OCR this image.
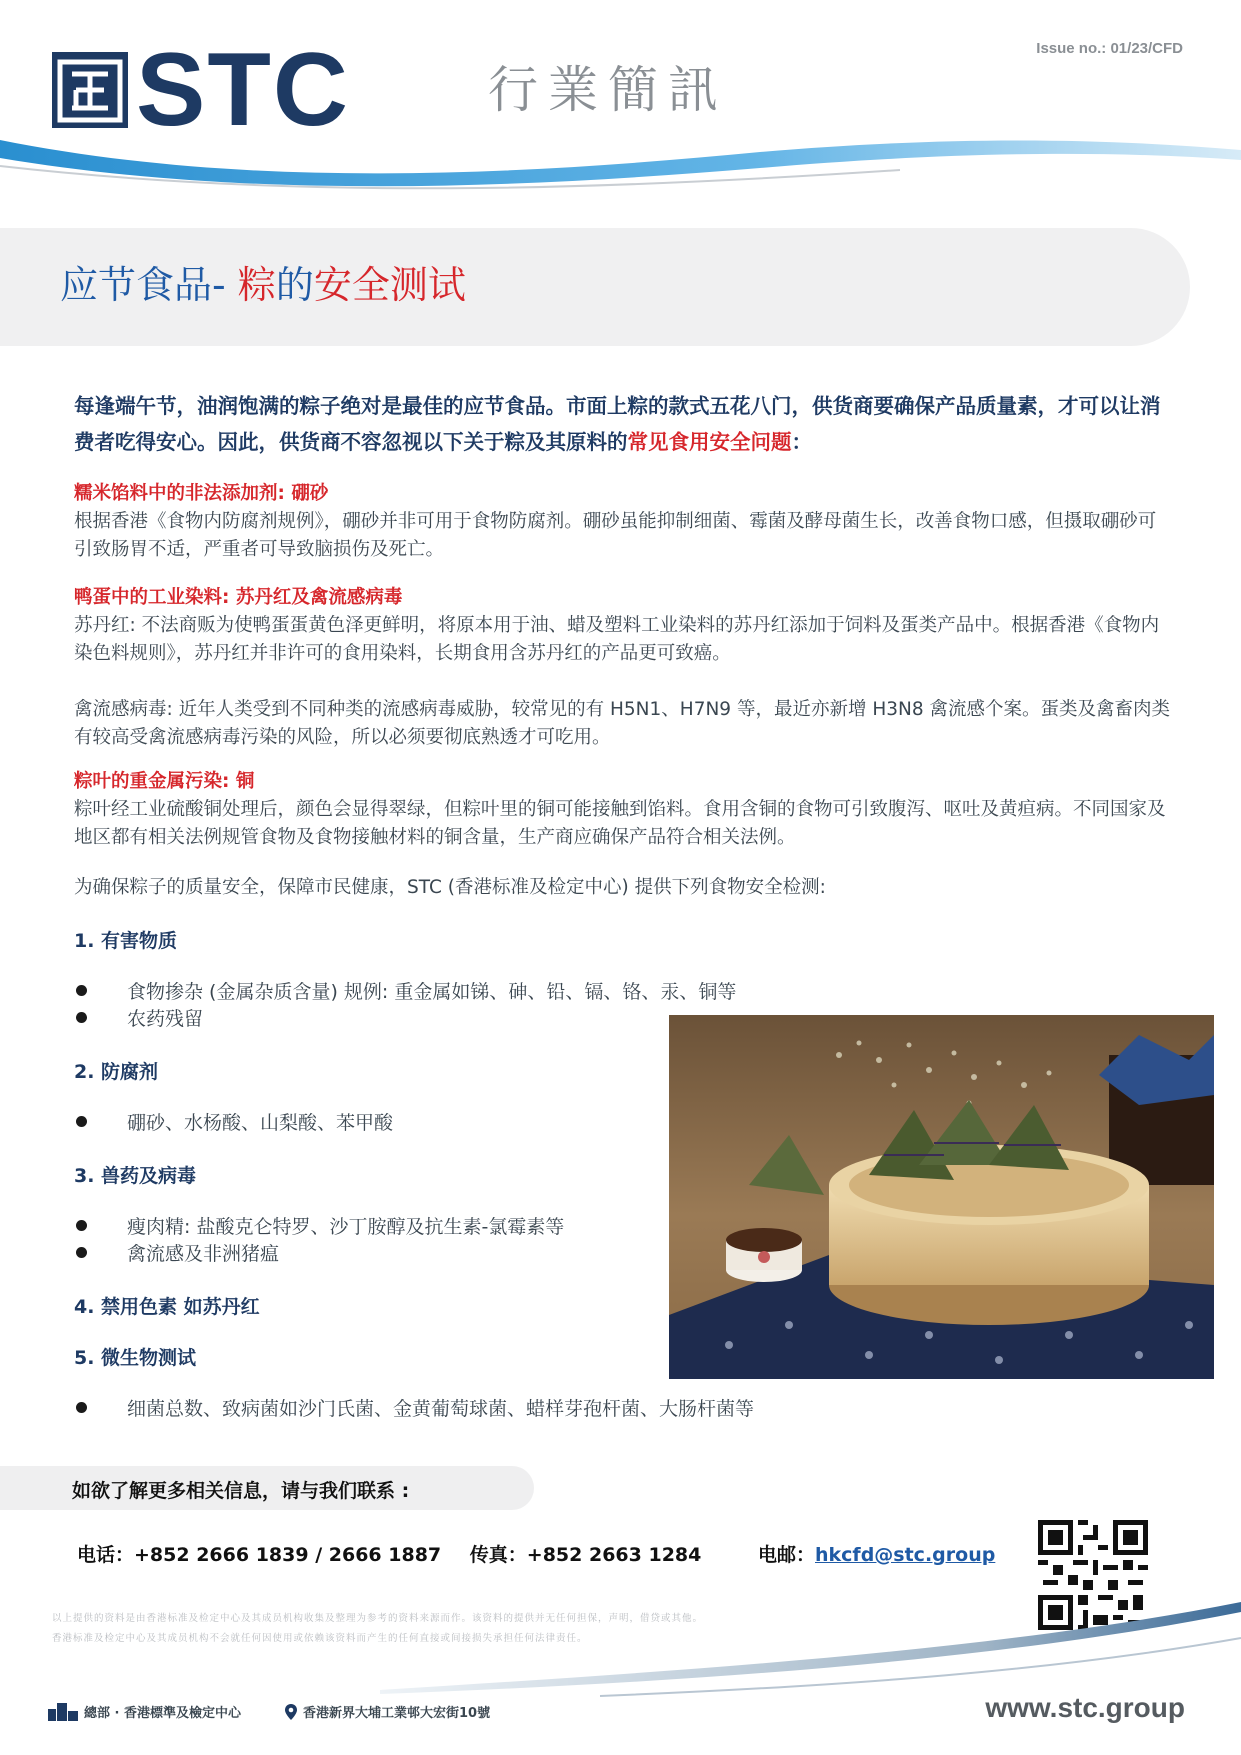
STC	行業簡訊
Issue no.: 01/23/CFD
应节食品- 粽的安全测试
每逢端午节，油润饱满的粽子绝对是最佳的应节食品。市面上粽的款式五花八门，供货商要确保产品质量素，才可以让消费者吃得安心。因此，供货商不容忽视以下关于粽及其原料的常见食用安全问题：
糯米馅料中的非法添加剂: 硼砂

根据香港《食物内防腐剂规例》，硼砂并非可用于食物防腐剂。硼砂虽能抑制细菌、霉菌及酵母菌生长，改善食物口感，但摄取硼砂可引致肠胃不适，严重者可导致脑损伤及死亡。

鸭蛋中的工业染料: 苏丹红及禽流感病毒

苏丹红: 不法商贩为使鸭蛋蛋黄色泽更鲜明，将原本用于油、蜡及塑料工业染料的苏丹红添加于饲料及蛋类产品中。根据香港《食物内染色料规则》，苏丹红并非许可的食用染料，长期食用含苏丹红的产品更可致癌。

禽流感病毒: 近年人类受到不同种类的流感病毒威胁，较常见的有 H5N1、H7N9 等，最近亦新增 H3N8 禽流感个案。蛋类及禽畜肉类有较高受禽流感病毒污染的风险，所以必须要彻底熟透才可吃用。

粽叶的重金属污染: 铜

粽叶经工业硫酸铜处理后，颜色会显得翠绿，但粽叶里的铜可能接触到馅料。食用含铜的食物可引致腹泻、呕吐及黄疸病。不同国家及地区都有相关法例规管食物及食物接触材料的铜含量，生产商应确保产品符合相关法例。

为确保粽子的质量安全，保障市民健康，STC (香港标准及检定中心) 提供下列食物安全检测:
1. 有害物质
食物掺杂 (金属杂质含量) 规例: 重金属如锑、砷、铅、镉、铬、汞、铜等
农药残留
2. 防腐剂
硼砂、水杨酸、山梨酸、苯甲酸
3. 兽药及病毒
瘦肉精: 盐酸克仑特罗、沙丁胺醇及抗生素-氯霉素等
禽流感及非洲猪瘟
4. 禁用色素 如苏丹红
5. 微生物测试
细菌总数、致病菌如沙门氏菌、金黄葡萄球菌、蜡样芽孢杆菌、大肠杆菌等
如欲了解更多相关信息，请与我们联系 :
电话：+852 2666 1839 / 2666 1887 传真：+852 2663 1284	电邮：hkcfd@stc.group
以上提供的资料是由香港标准及检定中心及其成员机构收集及整理为参考的资料来源而作。该资料的提供并无任何担保，声明，借贷或其他。
香港标准及检定中心及其成员机构不会就任何因使用或依赖该资料而产生的任何直接或间接损失承担任何法律责任。
總部 · 香港標準及檢定中心	香港新界大埔工業邨大宏街10號	www.stc.group
